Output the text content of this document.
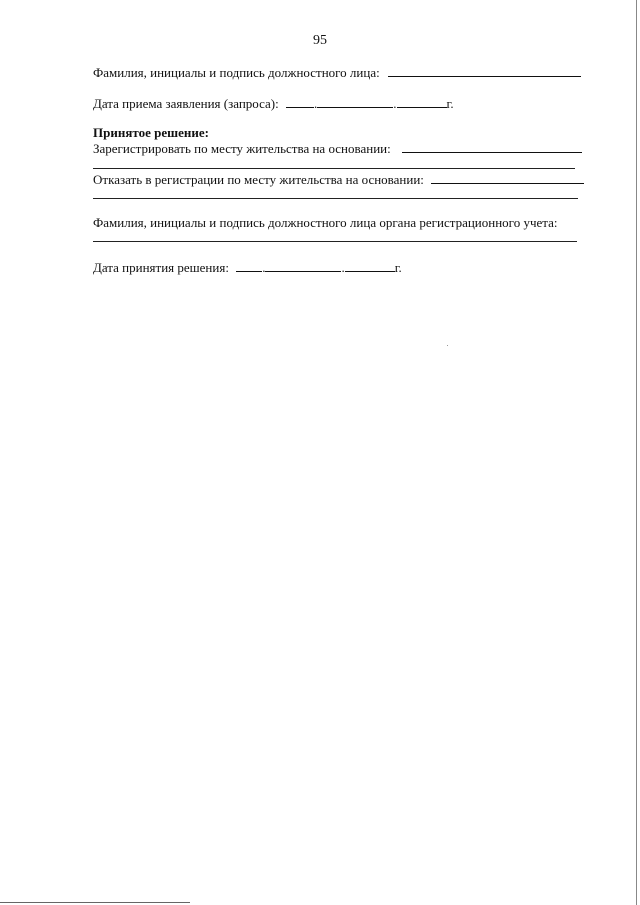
95
Фамилия, инициалы и подпись должностного лица:
Дата приема заявления (запроса):	.	.	г.
Принятое решение:
Зарегистрировать по месту жительства на основании:
Отказать в регистрации по месту жительства на основании:
Фамилия, инициалы и подпись должностного лица органа регистрационного учета:
Дата принятия решения:	.	.	г.
